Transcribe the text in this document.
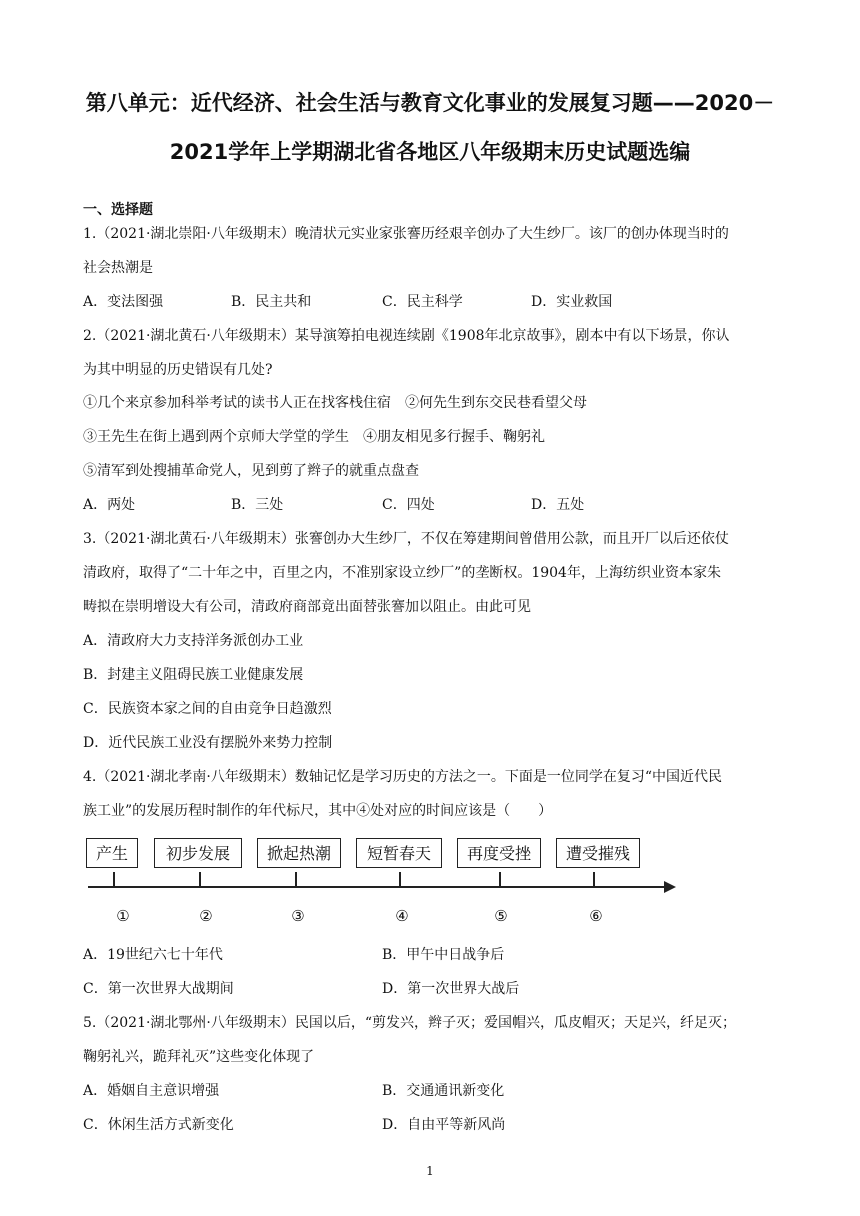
第八单元：近代经济、社会生活与教育文化事业的发展复习题——2020－
2021学年上学期湖北省各地区八年级期末历史试题选编
一、选择题
1.（2021·湖北崇阳·八年级期末）晚清状元实业家张謇历经艰辛创办了大生纱厂。该厂的创办体现当时的
社会热潮是
A．变法图强	B．民主共和	C．民主科学	D．实业救国
2.（2021·湖北黄石·八年级期末）某导演筹拍电视连续剧《1908年北京故事》，剧本中有以下场景，你认
为其中明显的历史错误有几处?
①几个来京参加科举考试的读书人正在找客栈住宿　②何先生到东交民巷看望父母
③王先生在街上遇到两个京师大学堂的学生　④朋友相见多行握手、鞠躬礼
⑤清军到处搜捕革命党人，见到剪了辫子的就重点盘查
A．两处	B．三处	C．四处	D．五处
3.（2021·湖北黄石·八年级期末）张謇创办大生纱厂，不仅在筹建期间曾借用公款，而且开厂以后还依仗
清政府，取得了“二十年之中，百里之内，不准别家设立纱厂”的垄断权。1904年，上海纺织业资本家朱
畴拟在崇明增设大有公司，清政府商部竟出面替张謇加以阻止。由此可见
A．清政府大力支持洋务派创办工业
B．封建主义阻碍民族工业健康发展
C．民族资本家之间的自由竞争日趋激烈
D．近代民族工业没有摆脱外来势力控制
4.（2021·湖北孝南·八年级期末）数轴记忆是学习历史的方法之一。下面是一位同学在复习“中国近代民
族工业”的发展历程时制作的年代标尺，其中④处对应的时间应该是（　　）
产生	初步发展	掀起热潮	短暂春天	再度受挫	遭受摧残
①	②	③	④	⑤	⑥
A．19世纪六七十年代	B．甲午中日战争后
C．第一次世界大战期间	D．第一次世界大战后
5.（2021·湖北鄂州·八年级期末）民国以后，“剪发兴，辫子灭；爱国帽兴，瓜皮帽灭；天足兴，纤足灭；
鞠躬礼兴，跪拜礼灭”这些变化体现了
A．婚姻自主意识增强	B．交通通讯新变化
C．休闲生活方式新变化	D．自由平等新风尚
1
